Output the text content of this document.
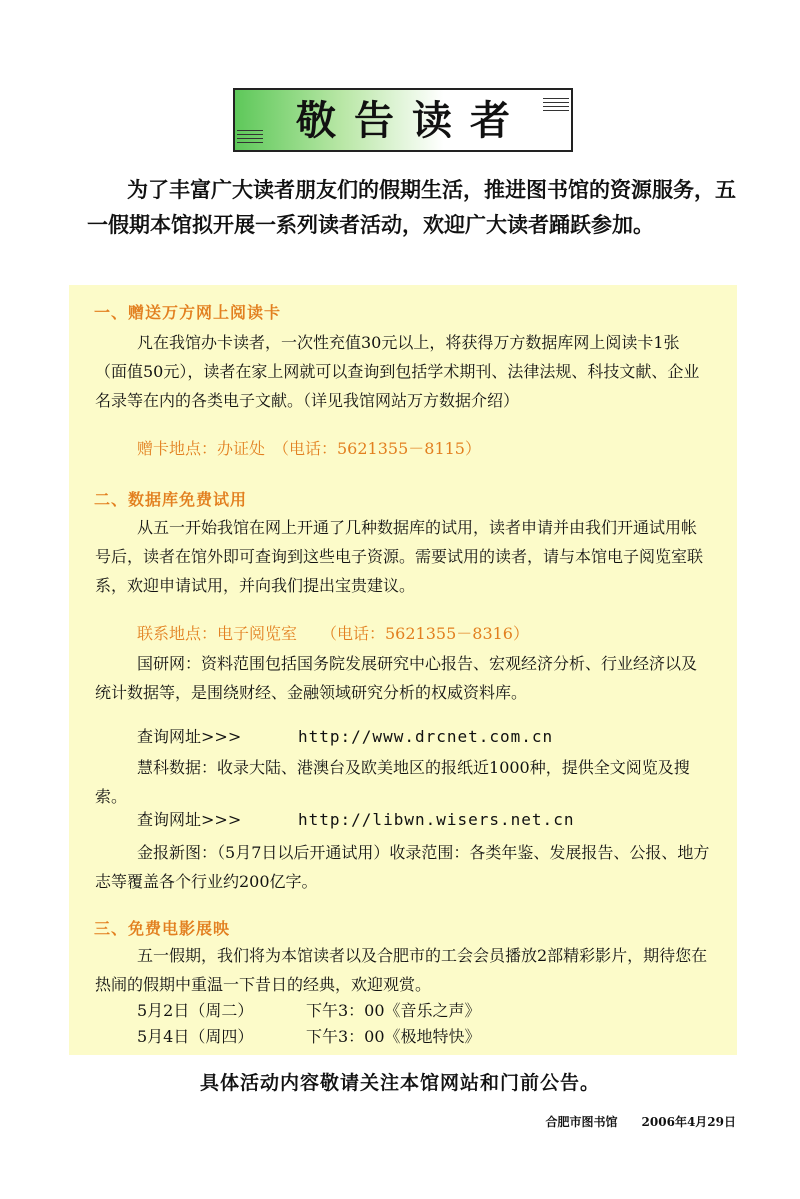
敬告读者

为了丰富广大读者朋友们的假期生活，推进图书馆的资源服务，五一假期本馆拟开展一系列读者活动，欢迎广大读者踊跃参加。

一、赠送万方网上阅读卡

凡在我馆办卡读者，一次性充值30元以上，将获得万方数据库网上阅读卡1张（面值50元），读者在家上网就可以查询到包括学术期刊、法律法规、科技文献、企业名录等在内的各类电子文献。（详见我馆网站万方数据介绍）

赠卡地点：办证处　（电话：5621355－8115）

二、数据库免费试用

从五一开始我馆在网上开通了几种数据库的试用，读者申请并由我们开通试用帐号后，读者在馆外即可查询到这些电子资源。需要试用的读者，请与本馆电子阅览室联系，欢迎申请试用，并向我们提出宝贵建议。

联系地点：电子阅览室　　（电话：5621355－8316）

国研网：资料范围包括国务院发展研究中心报告、宏观经济分析、行业经济以及统计数据等，是围绕财经、金融领域研究分析的权威资料库。

查询网址>>>	http://www.drcnet.com.cn

慧科数据：收录大陆、港澳台及欧美地区的报纸近1000种，提供全文阅览及搜索。

查询网址>>>	http://libwn.wisers.net.cn

金报新图：（5月7日以后开通试用）收录范围：各类年鉴、发展报告、公报、地方志等覆盖各个行业约200亿字。

三、免费电影展映

五一假期，我们将为本馆读者以及合肥市的工会会员播放2部精彩影片，期待您在热闹的假期中重温一下昔日的经典，欢迎观赏。

5月2日（周二）	下午3：00《音乐之声》

5月4日（周四）	下午3：00《极地特快》

具体活动内容敬请关注本馆网站和门前公告。

合肥市图书馆 2006年4月29日
